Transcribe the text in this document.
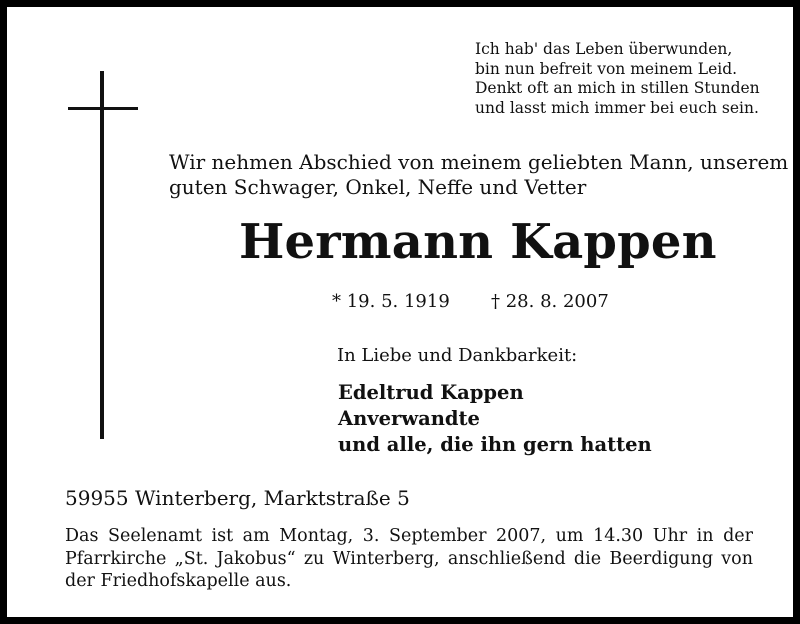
Ich hab' das Leben überwunden,
bin nun befreit von meinem Leid.
Denkt oft an mich in stillen Stunden
und lasst mich immer bei euch sein.
Wir nehmen Abschied von meinem geliebten Mann, unserem
guten Schwager, Onkel, Neffe und Vetter
Hermann Kappen
* 19. 5. 1919 † 28. 8. 2007
In Liebe und Dankbarkeit:
Edeltrud Kappen
Anverwandte
und alle, die ihn gern hatten
59955 Winterberg, Marktstraße 5
Das Seelenamt ist am Montag, 3. September 2007, um 14.30 Uhr in der Pfarrkirche „St. Jakobus“ zu Winterberg, anschließend die Beerdigung von der Friedhofskapelle aus.
